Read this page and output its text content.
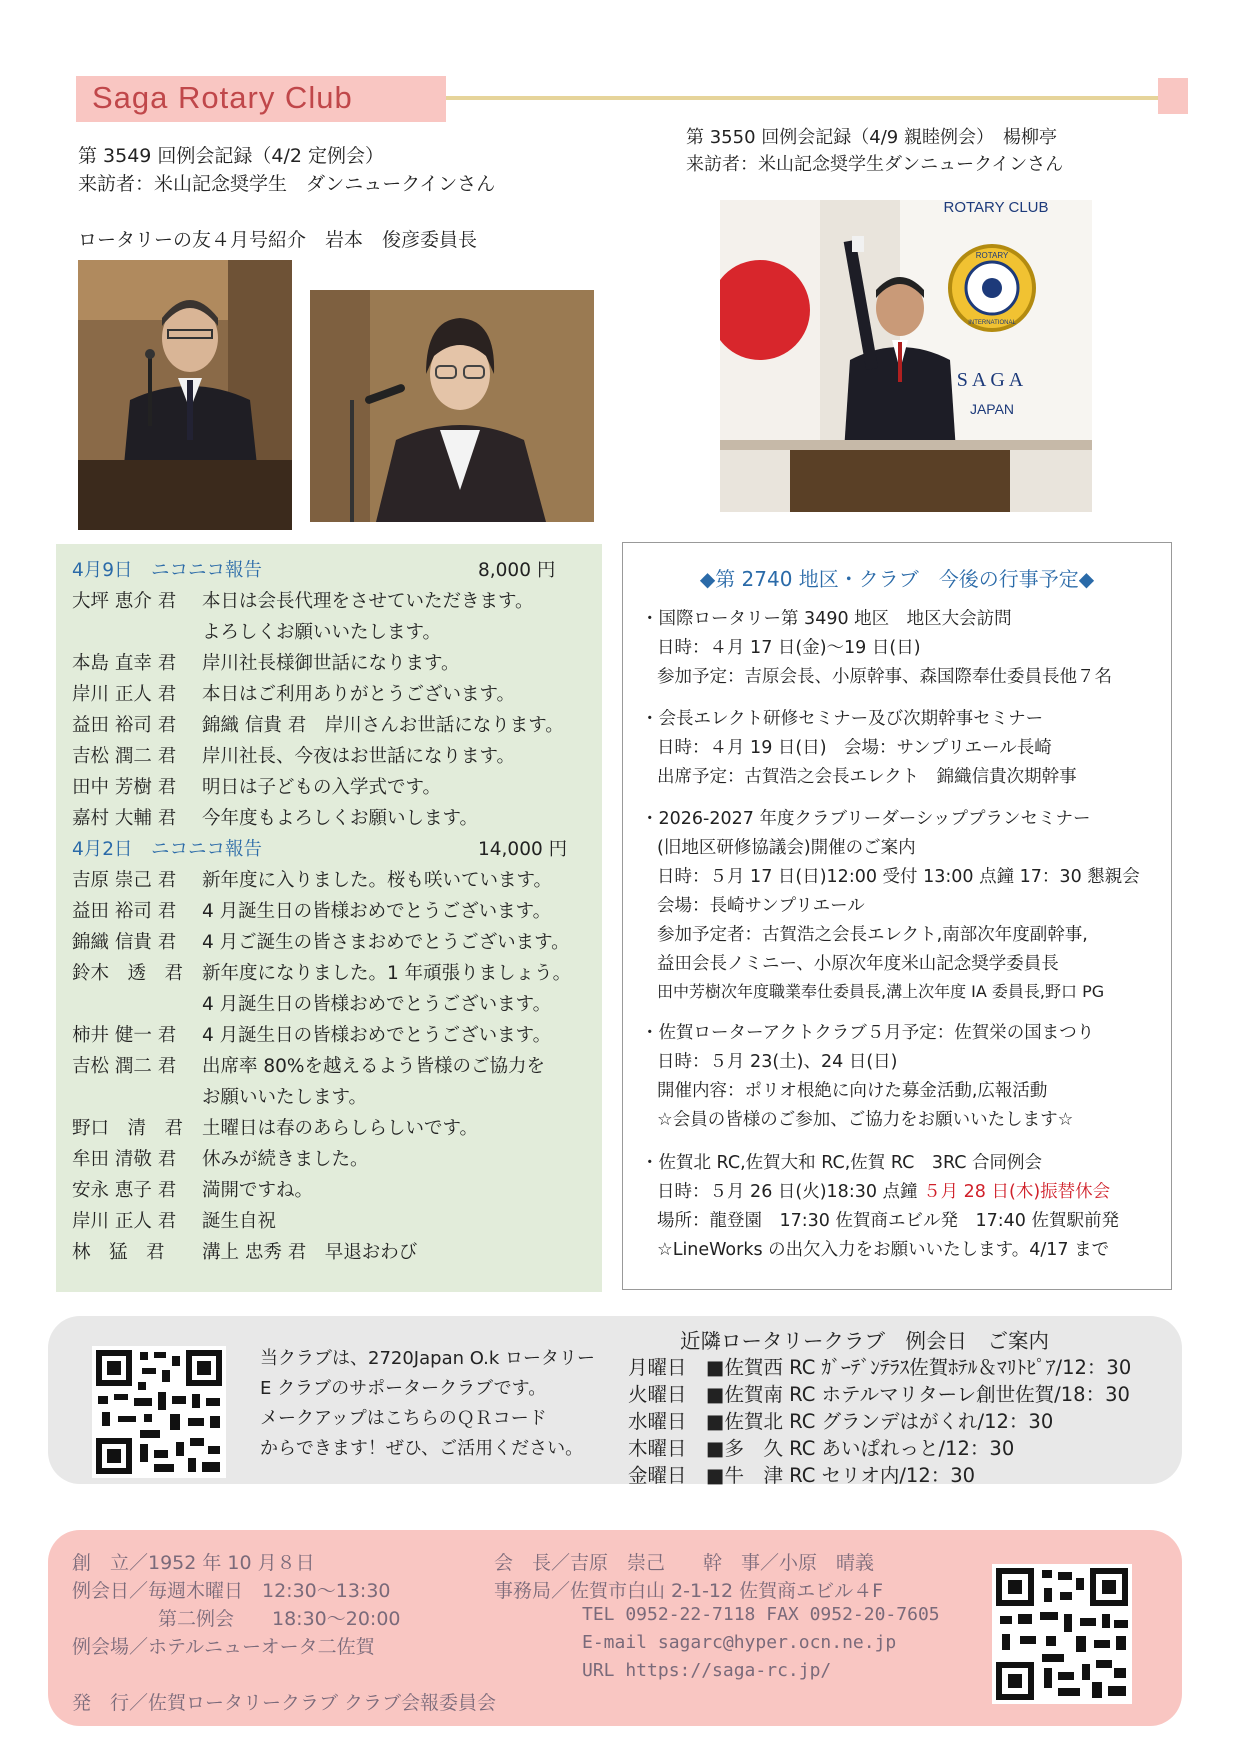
Saga Rotary Club
第 3549 回例会記録（4/2 定例会）
来訪者：米山記念奨学生　ダンニュークインさん
ロータリーの友４月号紹介　岩本　俊彦委員長
第 3550 回例会記録（4/9 親睦例会）　楊柳亭
来訪者：米山記念奨学生ダンニュークインさん
ROTARY CLUB
ROTARY
INTERNATIONAL
SAGA
JAPAN
4月9日　ニコニコ報告	8,000 円
大坪 恵介 君 本日は会長代理をさせていただきます。
よろしくお願いいたします。
本島 直幸 君 岸川社長様御世話になります。
岸川 正人 君 本日はご利用ありがとうございます。
益田 裕司 君 錦織 信貴 君　岸川さんお世話になります。
吉松 潤二 君 岸川社長、今夜はお世話になります。
田中 芳樹 君 明日は子どもの入学式です。
嘉村 大輔 君 今年度もよろしくお願いします。
4月2日　ニコニコ報告	14,000 円
吉原 崇己 君 新年度に入りました。桜も咲いています。
益田 裕司 君 4 月誕生日の皆様おめでとうございます。
錦織 信貴 君 4 月ご誕生の皆さまおめでとうございます。
鈴木　透　君 新年度になりました。1 年頑張りましょう。
4 月誕生日の皆様おめでとうございます。
柿井 健一 君 4 月誕生日の皆様おめでとうございます。
吉松 潤二 君 出席率 80%を越えるよう皆様のご協力を
お願いいたします。
野口　清　君 土曜日は春のあらしらしいです。
牟田 清敬 君 休みが続きました。
安永 恵子 君 満開ですね。
岸川 正人 君 誕生自祝
林　猛　君 溝上 忠秀 君　早退おわび
◆第 2740 地区・クラブ　今後の行事予定◆
・国際ロータリー第 3490 地区　地区大会訪問
日時：４月 17 日(金)～19 日(日)
参加予定：吉原会長、小原幹事、森国際奉仕委員長他７名
・会長エレクト研修セミナー及び次期幹事セミナー
日時：４月 19 日(日)　会場：サンプリエール長崎
出席予定：古賀浩之会長エレクト　錦織信貴次期幹事
・2026-2027 年度クラブリーダーシッププランセミナー
(旧地区研修協議会)開催のご案内
日時：５月 17 日(日)12:00 受付 13:00 点鐘 17：30 懇親会
会場：長崎サンプリエール
参加予定者：古賀浩之会長エレクト,南部次年度副幹事,
益田会長ノミニー、小原次年度米山記念奨学委員長
田中芳樹次年度職業奉仕委員長,溝上次年度 IA 委員長,野口 PG
・佐賀ローターアクトクラブ５月予定：佐賀栄の国まつり
日時：５月 23(土)、24 日(日)
開催内容：ポリオ根絶に向けた募金活動,広報活動
☆会員の皆様のご参加、ご協力をお願いいたします☆
・佐賀北 RC,佐賀大和 RC,佐賀 RC　3RC 合同例会
日時：５月 26 日(火)18:30 点鐘 ５月 28 日(木)振替休会
場所：龍登園　17:30 佐賀商エビル発　17:40 佐賀駅前発
☆LineWorks の出欠入力をお願いいたします。4/17 まで
当クラブは、2720Japan O.k ロータリー
E クラブのサポータークラブです。
メークアップはこちらのＱＲコード
からできます！ぜひ、ご活用ください。
近隣ロータリークラブ　例会日　ご案内
月曜日　 ■佐賀西 RC ｶﾞｰﾃﾞﾝﾃﾗｽ佐賀ﾎﾃﾙ＆ﾏﾘﾄﾋﾟｱ/12：30
火曜日　 ■佐賀南 RC ホテルマリターレ創世佐賀/18：30
水曜日　 ■佐賀北 RC グランデはがくれ/12：30
木曜日　 ■多　久 RC あいぱれっと/12：30
金曜日　 ■牛　津 RC セリオ内/12：30
創　立／1952 年 10 月８日
例会日／毎週木曜日　12:30～13:30
第二例会　　18:30～20:00
例会場／ホテルニューオータ二佐賀
発　行／佐賀ロータリークラブ クラブ会報委員会
会　長／吉原　崇己　　幹　事／小原　晴義
事務局／佐賀市白山 2-1-12 佐賀商エビル４F
TEL 0952-22-7118 FAX 0952-20-7605
E-mail sagarc@hyper.ocn.ne.jp
URL https://saga-rc.jp/
